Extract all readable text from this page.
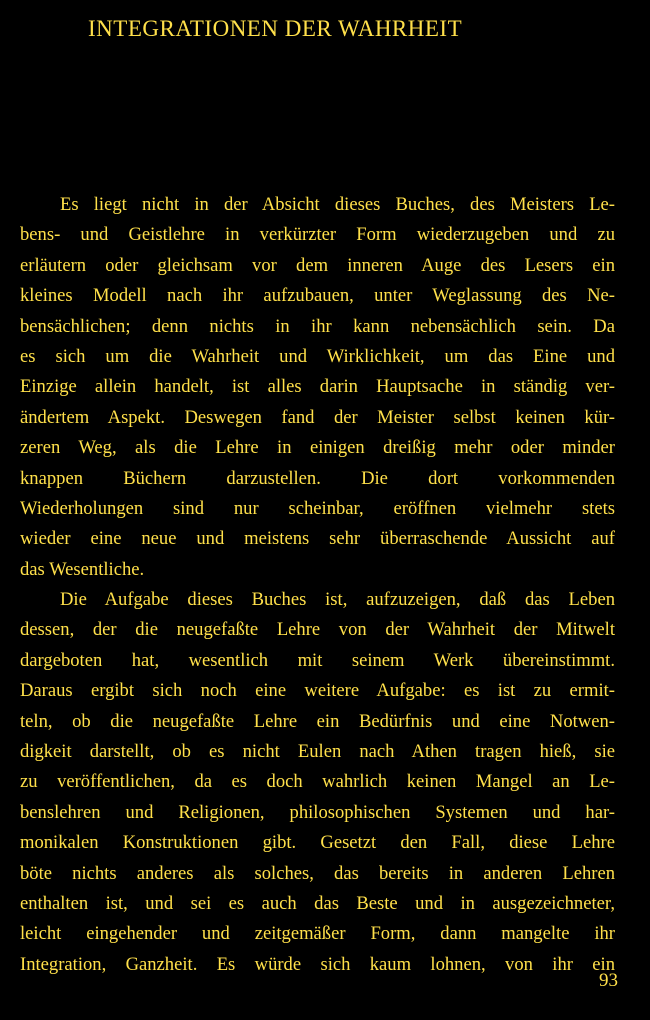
INTEGRATIONEN DER WAHRHEIT
Es liegt nicht in der Absicht dieses Buches, des Meisters Le-
bens- und Geistlehre in verkürzter Form wiederzugeben und zu
erläutern oder gleichsam vor dem inneren Auge des Lesers ein
kleines Modell nach ihr aufzubauen, unter Weglassung des Ne-
bensächlichen; denn nichts in ihr kann nebensächlich sein. Da
es sich um die Wahrheit und Wirklichkeit, um das Eine und
Einzige allein handelt, ist alles darin Hauptsache in ständig ver-
ändertem Aspekt. Deswegen fand der Meister selbst keinen kür-
zeren Weg, als die Lehre in einigen dreißig mehr oder minder
knappen Büchern darzustellen. Die dort vorkommenden
Wiederholungen sind nur scheinbar, eröffnen vielmehr stets
wieder eine neue und meistens sehr überraschende Aussicht auf
das Wesentliche.
Die Aufgabe dieses Buches ist, aufzuzeigen, daß das Leben
dessen, der die neugefaßte Lehre von der Wahrheit der Mitwelt
dargeboten hat, wesentlich mit seinem Werk übereinstimmt.
Daraus ergibt sich noch eine weitere Aufgabe: es ist zu ermit-
teln, ob die neugefaßte Lehre ein Bedürfnis und eine Notwen-
digkeit darstellt, ob es nicht Eulen nach Athen tragen hieß, sie
zu veröffentlichen, da es doch wahrlich keinen Mangel an Le-
benslehren und Religionen, philosophischen Systemen und har-
monikalen Konstruktionen gibt. Gesetzt den Fall, diese Lehre
böte nichts anderes als solches, das bereits in anderen Lehren
enthalten ist, und sei es auch das Beste und in ausgezeichneter,
leicht eingehender und zeitgemäßer Form, dann mangelte ihr
Integration, Ganzheit. Es würde sich kaum lohnen, von ihr ein
93
